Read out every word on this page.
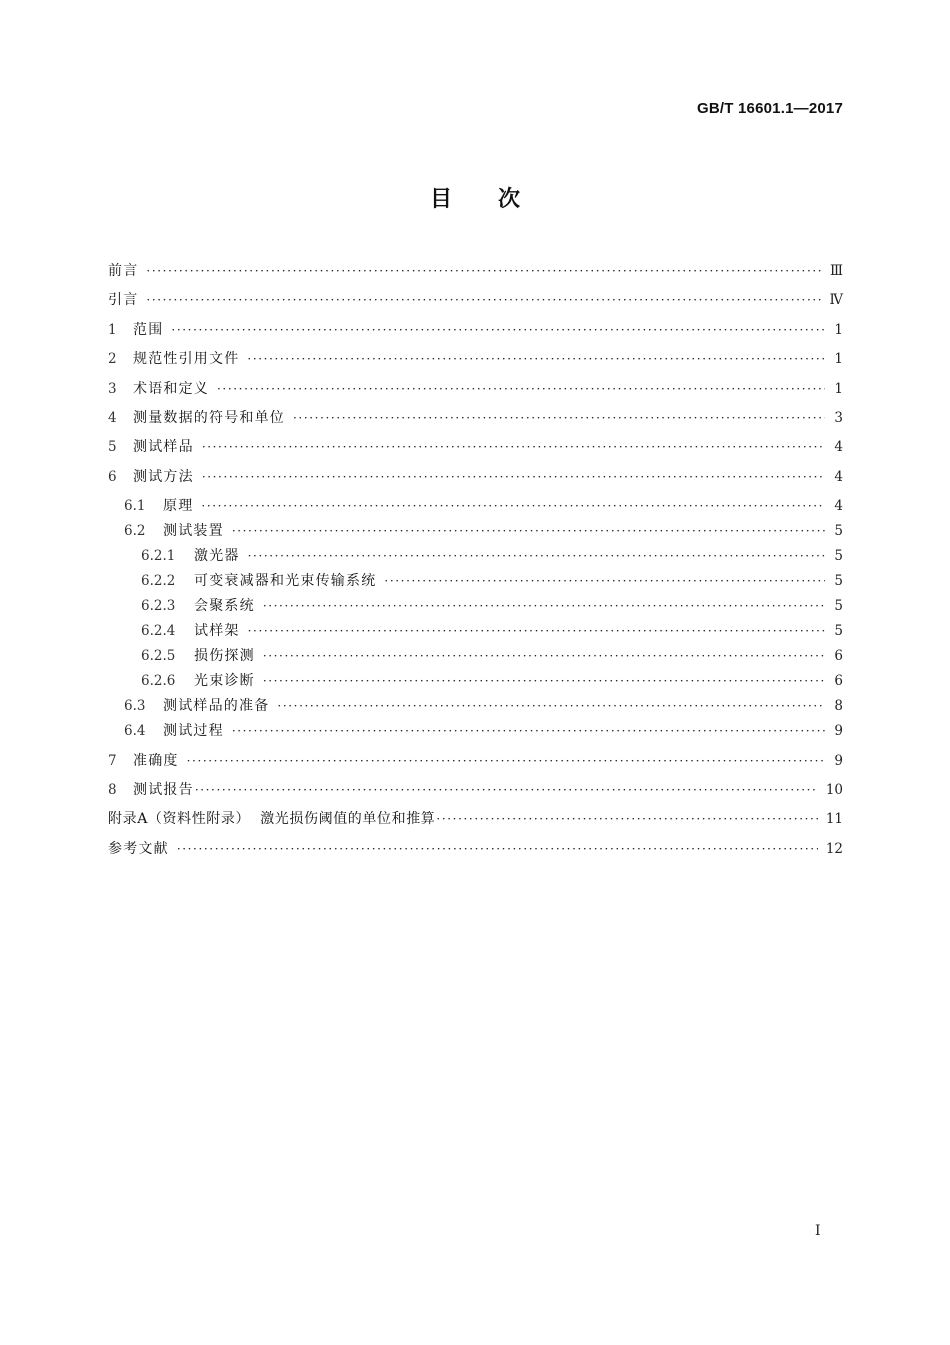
GB/T 16601.1—2017
目次
前言 ·····	Ⅲ
引言 ·····	Ⅳ
1	范围 ·····	1
2	规范性引用文件 ·····	1
3	术语和定义 ·····	1
4	测量数据的符号和单位 ·····	3
5	测试样品 ·····	4
6	测试方法 ·····	4
6.1	原理 ·····	4
6.2	测试装置 ·····	5
6.2.1	激光器 ·····	5
6.2.2	可变衰减器和光束传输系统 ·····	5
6.2.3	会聚系统 ·····	5
6.2.4	试样架 ·····	5
6.2.5	损伤探测 ·····	6
6.2.6	光束诊断 ·····	6
6.3	测试样品的准备 ·····	8
6.4	测试过程 ·····	9
7	准确度 ·····	9
8	测试报告 ·····	10
附录A（资料性附录）  激光损伤阈值的单位和推算 ·····	11
参考文献 ·····	12
I
